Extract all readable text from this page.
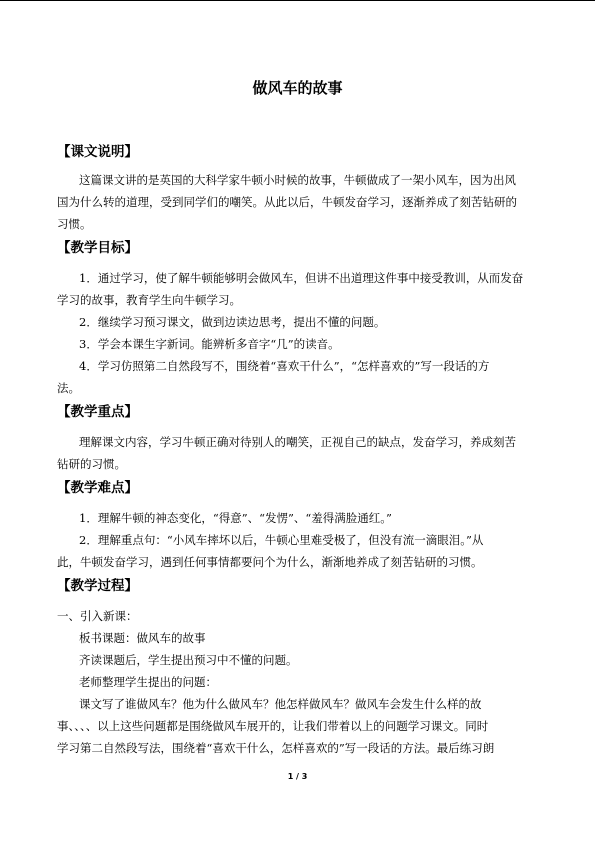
做风车的故事
【课文说明】
这篇课文讲的是英国的大科学家牛顿小时候的故事，牛顿做成了一架小风车，因为出风
国为什么转的道理，受到同学们的嘲笑。从此以后，牛顿发奋学习，逐渐养成了刻苦钻研的
习惯。
【教学目标】
1．通过学习，使了解牛顿能够明会做风车，但讲不出道理这件事中接受教训，从而发奋
学习的故事，教育学生向牛顿学习。
2．继续学习预习课文，做到边读边思考，提出不懂的问题。
3．学会本课生字新词。能辨析多音字“几”的读音。
4．学习仿照第二自然段写不，围绕着“喜欢干什么”，“怎样喜欢的”写一段话的方
法。
【教学重点】
理解课文内容，学习牛顿正确对待别人的嘲笑，正视自己的缺点，发奋学习，养成刻苦
钻研的习惯。
【教学难点】
1．理解牛顿的神态变化，“得意”、“发愣”、“羞得满脸通红。”
2．理解重点句：“小风车摔坏以后，牛顿心里难受极了，但没有流一滴眼泪。”从
此，牛顿发奋学习，遇到任何事情都要问个为什么，渐渐地养成了刻苦钻研的习惯。
【教学过程】
一、引入新课：
板书课题：做风车的故事
齐读课题后，学生提出预习中不懂的问题。
老师整理学生提出的问题：
课文写了谁做风车？他为什么做风车？他怎样做风车？做风车会发生什么样的故
事、、、、以上这些问题都是围绕做风车展开的，让我们带着以上的问题学习课文。同时
学习第二自然段写法，围绕着“喜欢干什么，怎样喜欢的”写一段话的方法。最后练习朗
1 / 3
